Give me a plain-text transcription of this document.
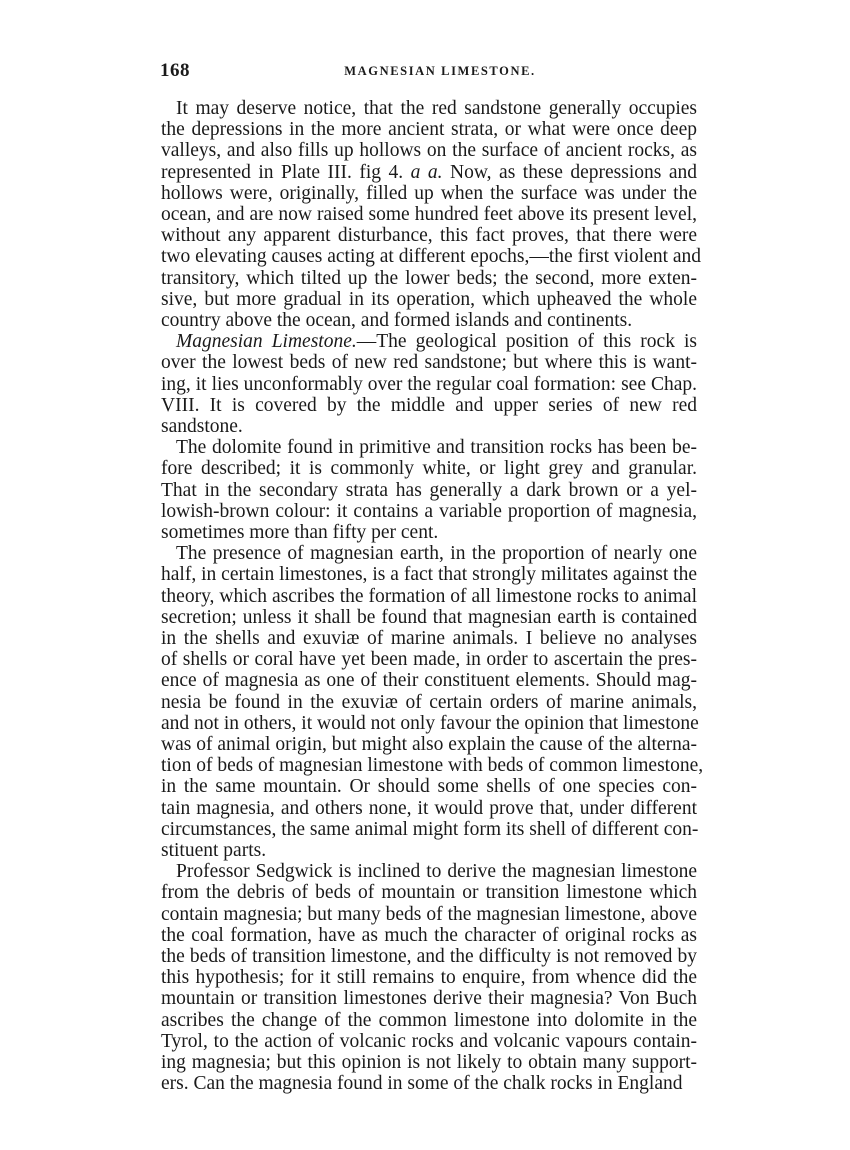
168	MAGNESIAN LIMESTONE.
It may deserve notice, that the red sandstone generally occupies
the depressions in the more ancient strata, or what were once deep
valleys, and also fills up hollows on the surface of ancient rocks, as
represented in Plate III. fig 4. a a. Now, as these depressions and
hollows were, originally, filled up when the surface was under the
ocean, and are now raised some hundred feet above its present level,
without any apparent disturbance, this fact proves, that there were
two elevating causes acting at different epochs,—the first violent and
transitory, which tilted up the lower beds; the second, more exten-
sive, but more gradual in its operation, which upheaved the whole
country above the ocean, and formed islands and continents.
Magnesian Limestone.—The geological position of this rock is
over the lowest beds of new red sandstone; but where this is want-
ing, it lies unconformably over the regular coal formation: see Chap.
VIII. It is covered by the middle and upper series of new red
sandstone.
The dolomite found in primitive and transition rocks has been be-
fore described; it is commonly white, or light grey and granular.
That in the secondary strata has generally a dark brown or a yel-
lowish-brown colour: it contains a variable proportion of magnesia,
sometimes more than fifty per cent.
The presence of magnesian earth, in the proportion of nearly one
half, in certain limestones, is a fact that strongly militates against the
theory, which ascribes the formation of all limestone rocks to animal
secretion; unless it shall be found that magnesian earth is contained
in the shells and exuviæ of marine animals. I believe no analyses
of shells or coral have yet been made, in order to ascertain the pres-
ence of magnesia as one of their constituent elements. Should mag-
nesia be found in the exuviæ of certain orders of marine animals,
and not in others, it would not only favour the opinion that limestone
was of animal origin, but might also explain the cause of the alterna-
tion of beds of magnesian limestone with beds of common limestone,
in the same mountain. Or should some shells of one species con-
tain magnesia, and others none, it would prove that, under different
circumstances, the same animal might form its shell of different con-
stituent parts.
Professor Sedgwick is inclined to derive the magnesian limestone
from the debris of beds of mountain or transition limestone which
contain magnesia; but many beds of the magnesian limestone, above
the coal formation, have as much the character of original rocks as
the beds of transition limestone, and the difficulty is not removed by
this hypothesis; for it still remains to enquire, from whence did the
mountain or transition limestones derive their magnesia? Von Buch
ascribes the change of the common limestone into dolomite in the
Tyrol, to the action of volcanic rocks and volcanic vapours contain-
ing magnesia; but this opinion is not likely to obtain many support-
ers. Can the magnesia found in some of the chalk rocks in England
